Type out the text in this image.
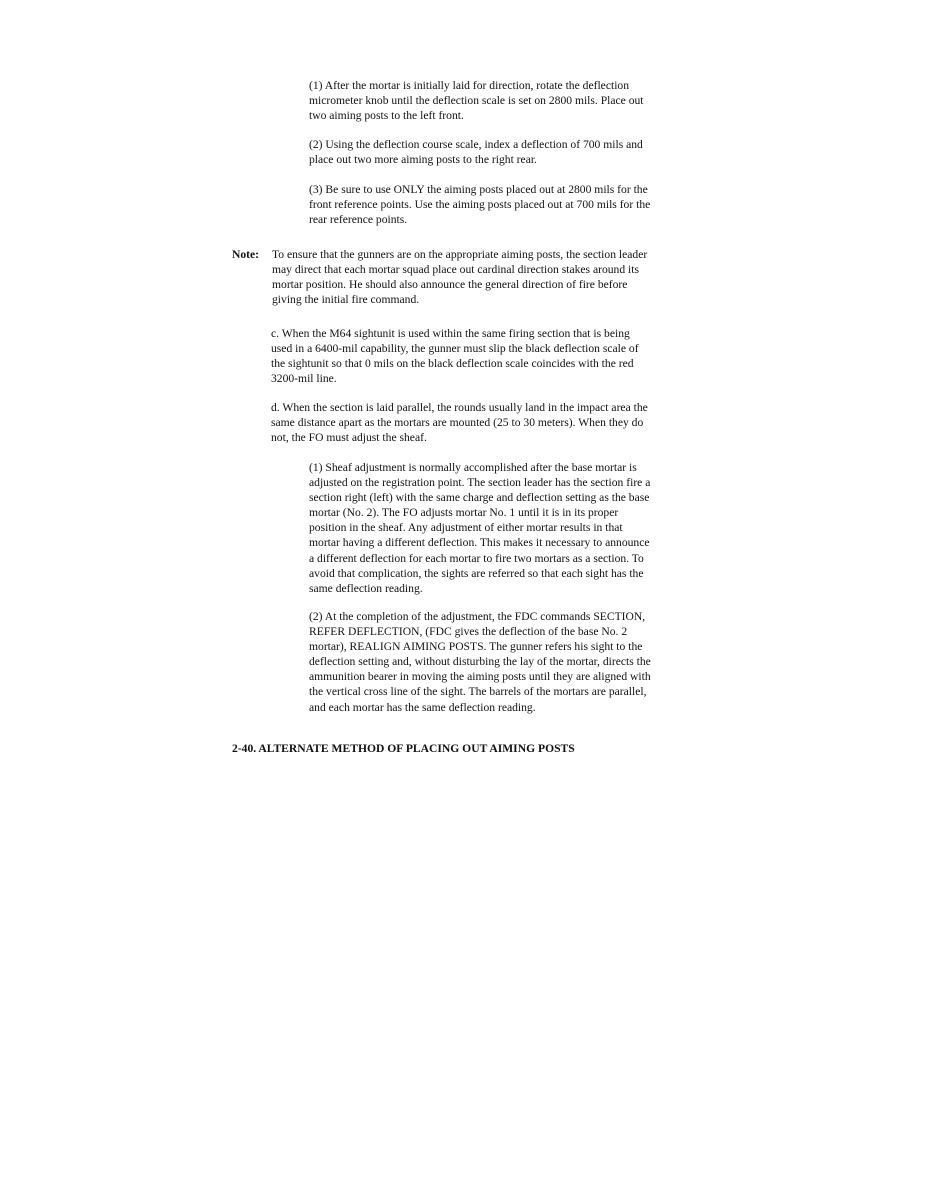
(1) After the mortar is initially laid for direction, rotate the deflection
micrometer knob until the deflection scale is set on 2800 mils. Place out
two aiming posts to the left front.
(2) Using the deflection course scale, index a deflection of 700 mils and
place out two more aiming posts to the right rear.
(3) Be sure to use ONLY the aiming posts placed out at 2800 mils for the
front reference points. Use the aiming posts placed out at 700 mils for the
rear reference points.
Note: To ensure that the gunners are on the appropriate aiming posts, the section leader
may direct that each mortar squad place out cardinal direction stakes around its
mortar position. He should also announce the general direction of fire before
giving the initial fire command.
c. When the M64 sightunit is used within the same firing section that is being
used in a 6400-mil capability, the gunner must slip the black deflection scale of
the sightunit so that 0 mils on the black deflection scale coincides with the red
3200-mil line.
d. When the section is laid parallel, the rounds usually land in the impact area the
same distance apart as the mortars are mounted (25 to 30 meters). When they do
not, the FO must adjust the sheaf.
(1) Sheaf adjustment is normally accomplished after the base mortar is
adjusted on the registration point. The section leader has the section fire a
section right (left) with the same charge and deflection setting as the base
mortar (No. 2). The FO adjusts mortar No. 1 until it is in its proper
position in the sheaf. Any adjustment of either mortar results in that
mortar having a different deflection. This makes it necessary to announce
a different deflection for each mortar to fire two mortars as a section. To
avoid that complication, the sights are referred so that each sight has the
same deflection reading.
(2) At the completion of the adjustment, the FDC commands SECTION,
REFER DEFLECTION, (FDC gives the deflection of the base No. 2
mortar), REALIGN AIMING POSTS. The gunner refers his sight to the
deflection setting and, without disturbing the lay of the mortar, directs the
ammunition bearer in moving the aiming posts until they are aligned with
the vertical cross line of the sight. The barrels of the mortars are parallel,
and each mortar has the same deflection reading.
2-40. ALTERNATE METHOD OF PLACING OUT AIMING POSTS
